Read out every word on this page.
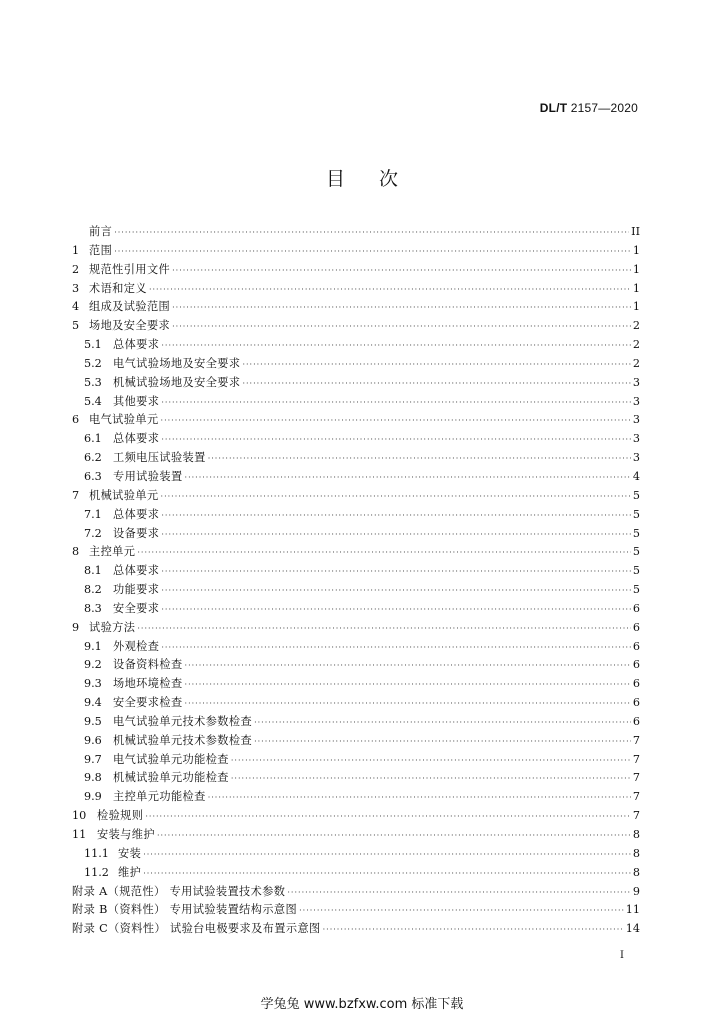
DL/T 2157—2020
目次
前言 ·····	II
1 范围 ·····	1
2 规范性引用文件 ·····	1
3 术语和定义 ·····	1
4 组成及试验范围 ·····	1
5 场地及安全要求 ·····	2
5.1	总体要求 ·····	2
5.2	电气试验场地及安全要求 ·····	2
5.3	机械试验场地及安全要求 ·····	3
5.4	其他要求 ·····	3
6 电气试验单元 ·····	3
6.1	总体要求 ·····	3
6.2	工频电压试验装置 ·····	3
6.3	专用试验装置 ·····	4
7 机械试验单元 ·····	5
7.1	总体要求 ·····	5
7.2	设备要求 ·····	5
8 主控单元 ·····	5
8.1	总体要求 ·····	5
8.2	功能要求 ·····	5
8.3	安全要求 ·····	6
9 试验方法 ·····	6
9.1	外观检查 ·····	6
9.2	设备资料检查 ·····	6
9.3	场地环境检查 ·····	6
9.4	安全要求检查 ·····	6
9.5	电气试验单元技术参数检查 ·····	6
9.6	机械试验单元技术参数检查 ·····	7
9.7	电气试验单元功能检查 ·····	7
9.8	机械试验单元功能检查 ·····	7
9.9	主控单元功能检查 ·····	7
10 检验规则 ·····	7
11 安装与维护 ·····	8
11.1 安装 ·····	8
11.2 维护 ·····	8
附录 A（规范性） 专用试验装置技术参数 ·····	9
附录 B（资料性） 专用试验装置结构示意图 ·····	11
附录 C（资料性） 试验台电极要求及布置示意图 ·····	14
I
学兔兔 www.bzfxw.com 标准下载
